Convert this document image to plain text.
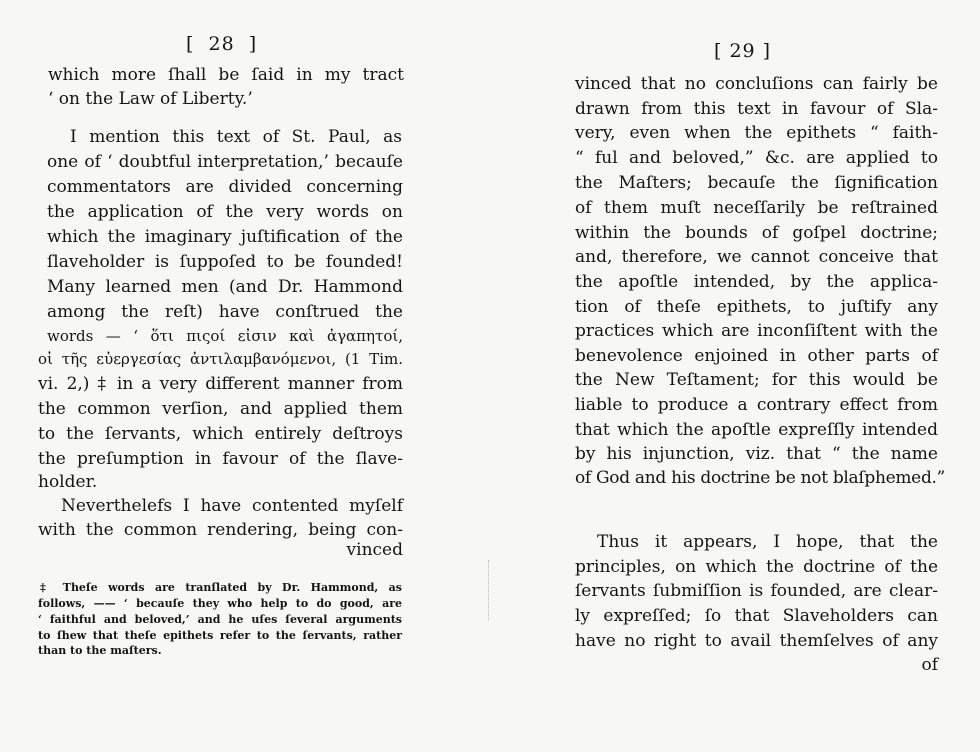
[  28  ]
which more ſhall be ſaid in my tract
‘ on the Law of Liberty.’
I mention this text of St. Paul, as
one of ‘ doubtful interpretation,’ becauſe
commentators are divided concerning
the application of the very words on
which the imaginary juſtification of the
ſlaveholder is ſuppoſed to be founded!
Many learned men (and Dr. Hammond
among the reſt) have conſtrued the
words — ‘ ὅτι πιςοί εἰσιν καὶ ἀγαπητοί,
οἱ τῆς εὐεργεσίας ἀντιλαμβανόμενοι, (1 Tim.
vi. 2,) ‡ in a very different manner from
the common verſion, and applied them
to the ſervants, which entirely deſtroys
the preſumption in favour of the ſlave-
holder.
Neverthelefs I have contented myſelf
with the common rendering, being con-
vinced
‡ Theſe words are tranſlated by Dr. Hammond, as
follows, —— ‘ becauſe they who help to do good, are
‘ faithful and beloved,’ and he uſes ſeveral arguments
to ſhew that theſe epithets refer to the ſervants, rather
than to the maſters.
[ 29 ]
vinced that no concluſions can fairly be
drawn from this text in favour of Sla-
very, even when the epithets “ faith-
“ ful and beloved,” &c. are applied to
the Maſters; becauſe the ſignification
of them muſt neceſſarily be reſtrained
within the bounds of goſpel doctrine;
and, therefore, we cannot conceive that
the apoſtle intended, by the applica-
tion of theſe epithets, to juſtify any
practices which are inconſiſtent with the
benevolence enjoined in other parts of
the New Teſtament; for this would be
liable to produce a contrary effect from
that which the apoſtle expreſſly intended
by his injunction, viz. that “ the name
of God and his doctrine be not blaſphemed.”
Thus it appears, I hope, that the
principles, on which the doctrine of the
ſervants ſubmiſſion is founded, are clear-
ly expreſſed; ſo that Slaveholders can
have no right to avail themſelves of any
of
